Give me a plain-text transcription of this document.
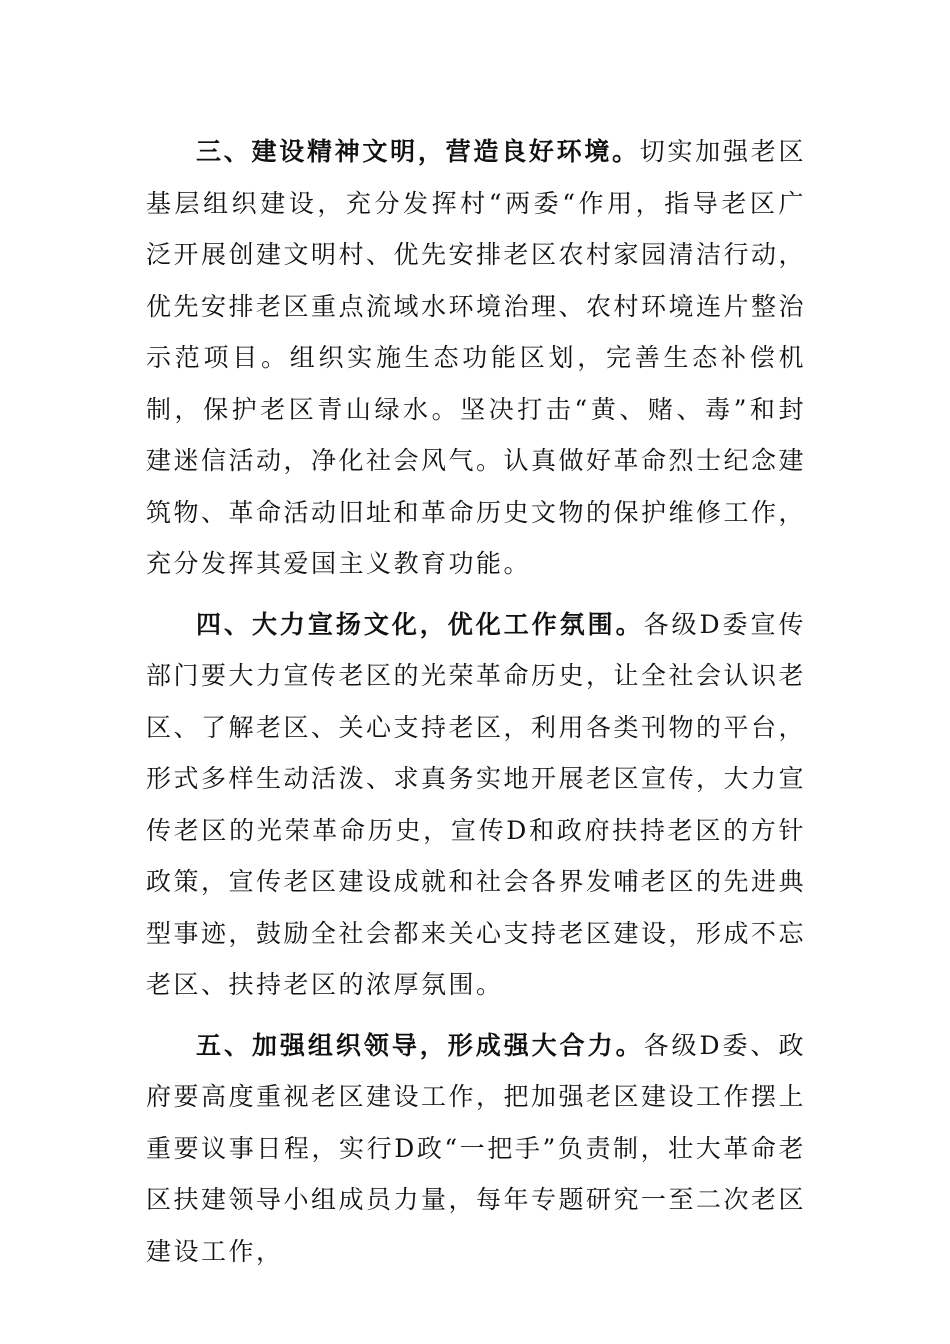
三、建设精神文明，营造良好环境。切实加强老区基层组织建设，充分发挥村“两委“作用，指导老区广泛开展创建文明村、优先安排老区农村家园清洁行动，优先安排老区重点流域水环境治理、农村环境连片整治示范项目。组织实施生态功能区划，完善生态补偿机制，保护老区青山绿水。坚决打击“黄、赌、毒”和封建迷信活动，净化社会风气。认真做好革命烈士纪念建筑物、革命活动旧址和革命历史文物的保护维修工作，充分发挥其爱国主义教育功能。

四、大力宣扬文化，优化工作氛围。各级D委宣传部门要大力宣传老区的光荣革命历史，让全社会认识老区、了解老区、关心支持老区，利用各类刊物的平台，形式多样生动活泼、求真务实地开展老区宣传，大力宣传老区的光荣革命历史，宣传D和政府扶持老区的方针政策，宣传老区建设成就和社会各界发哺老区的先进典型事迹，鼓励全社会都来关心支持老区建设，形成不忘老区、扶持老区的浓厚氛围。

五、加强组织领导，形成强大合力。各级D委、政府要高度重视老区建设工作，把加强老区建设工作摆上重要议事日程，实行D政“一把手”负责制，壮大革命老区扶建领导小组成员力量，每年专题研究一至二次老区建设工作，
